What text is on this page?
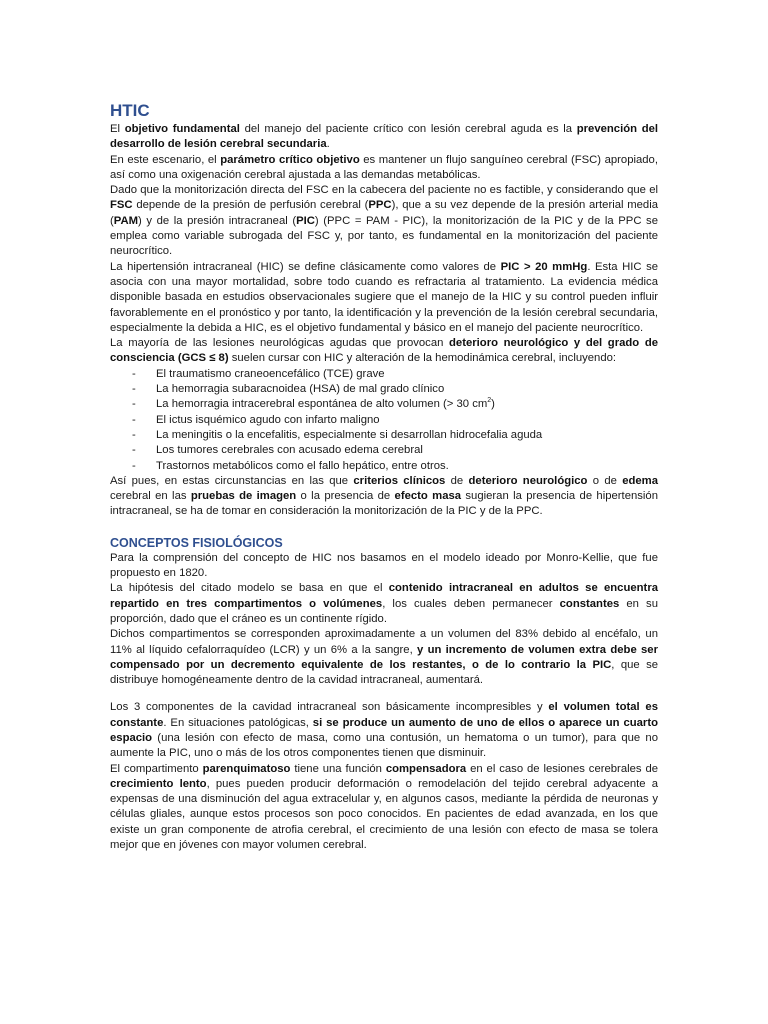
HTIC

El objetivo fundamental del manejo del paciente crítico con lesión cerebral aguda es la prevención del desarrollo de lesión cerebral secundaria.

En este escenario, el parámetro crítico objetivo es mantener un flujo sanguíneo cerebral (FSC) apropiado, así como una oxigenación cerebral ajustada a las demandas metabólicas.

Dado que la monitorización directa del FSC en la cabecera del paciente no es factible, y considerando que el FSC depende de la presión de perfusión cerebral (PPC), que a su vez depende de la presión arterial media (PAM) y de la presión intracraneal (PIC) (PPC = PAM - PIC), la monitorización de la PIC y de la PPC se emplea como variable subrogada del FSC y, por tanto, es fundamental en la monitorización del paciente neurocrítico.

La hipertensión intracraneal (HIC) se define clásicamente como valores de PIC > 20 mmHg. Esta HIC se asocia con una mayor mortalidad, sobre todo cuando es refractaria al tratamiento. La evidencia médica disponible basada en estudios observacionales sugiere que el manejo de la HIC y su control pueden influir favorablemente en el pronóstico y por tanto, la identificación y la prevención de la lesión cerebral secundaria, especialmente la debida a HIC, es el objetivo fundamental y básico en el manejo del paciente neurocrítico.

La mayoría de las lesiones neurológicas agudas que provocan deterioro neurológico y del grado de consciencia (GCS ≤ 8) suelen cursar con HIC y alteración de la hemodinámica cerebral, incluyendo:

- El traumatismo craneoencefálico (TCE) grave
- La hemorragia subaracnoidea (HSA) de mal grado clínico
- La hemorragia intracerebral espontánea de alto volumen (> 30 $cm^2$)
- El ictus isquémico agudo con infarto maligno
- La meningitis o la encefalitis, especialmente si desarrollan hidrocefalia aguda
- Los tumores cerebrales con acusado edema cerebral
- Trastornos metabólicos como el fallo hepático, entre otros.

Así pues, en estas circunstancias en las que criterios clínicos de deterioro neurológico o de edema cerebral en las pruebas de imagen o la presencia de efecto masa sugieran la presencia de hipertensión intracraneal, se ha de tomar en consideración la monitorización de la PIC y de la PPC.

CONCEPTOS FISIOLÓGICOS

Para la comprensión del concepto de HIC nos basamos en el modelo ideado por Monro-Kellie, que fue propuesto en 1820.

La hipótesis del citado modelo se basa en que el contenido intracraneal en adultos se encuentra repartido en tres compartimentos o volúmenes, los cuales deben permanecer constantes en su proporción, dado que el cráneo es un continente rígido.

Dichos compartimentos se corresponden aproximadamente a un volumen del 83% debido al encéfalo, un 11% al líquido cefalorraquídeo (LCR) y un 6% a la sangre, y un incremento de volumen extra debe ser compensado por un decremento equivalente de los restantes, o de lo contrario la PIC, que se distribuye homogéneamente dentro de la cavidad intracraneal, aumentará.

Los 3 componentes de la cavidad intracraneal son básicamente incompresibles y el volumen total es constante. En situaciones patológicas, si se produce un aumento de uno de ellos o aparece un cuarto espacio (una lesión con efecto de masa, como una contusión, un hematoma o un tumor), para que no aumente la PIC, uno o más de los otros componentes tienen que disminuir.

El compartimento parenquimatoso tiene una función compensadora en el caso de lesiones cerebrales de crecimiento lento, pues pueden producir deformación o remodelación del tejido cerebral adyacente a expensas de una disminución del agua extracelular y, en algunos casos, mediante la pérdida de neuronas y células gliales, aunque estos procesos son poco conocidos. En pacientes de edad avanzada, en los que existe un gran componente de atrofia cerebral, el crecimiento de una lesión con efecto de masa se tolera mejor que en jóvenes con mayor volumen cerebral.
